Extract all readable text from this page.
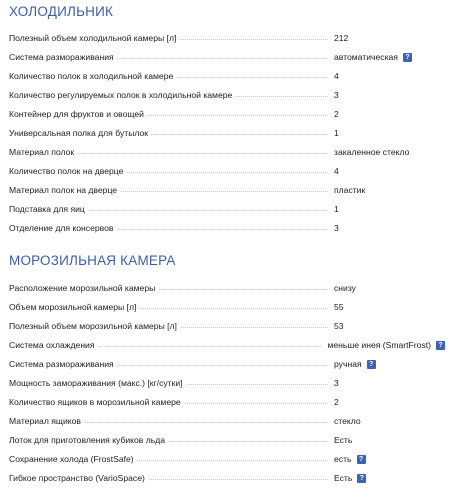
ХОЛОДИЛЬНИК
Полезный объем холодильной камеры [л]	212
Система размораживания	автоматическая	?
Количество полок в холодильной камере	4
Количество регулируемых полок в холодильной камере	3
Контейнер для фруктов и овощей	2
Универсальная полка для бутылок	1
Материал полок	закаленное стекло
Количество полок на дверце	4
Материал полок на дверце	пластик
Подставка для яиц	1
Отделение для консервов	3
МОРОЗИЛЬНАЯ КАМЕРА
Расположение морозильной камеры	снизу
Объем морозильной камеры [л]	55
Полезный объем морозильной камеры [л]	53
Система охлаждения	меньше инея (SmartFrost)	?
Система размораживания	ручная	?
Мощность замораживания (макс.) [кг/сутки]	3
Количество ящиков в морозильной камере	2
Материал ящиков	стекло
Лоток для приготовления кубиков льда	Есть
Сохранение холода (FrostSafe)	есть	?
Гибкое пространство (VarioSpace)	Есть	?
